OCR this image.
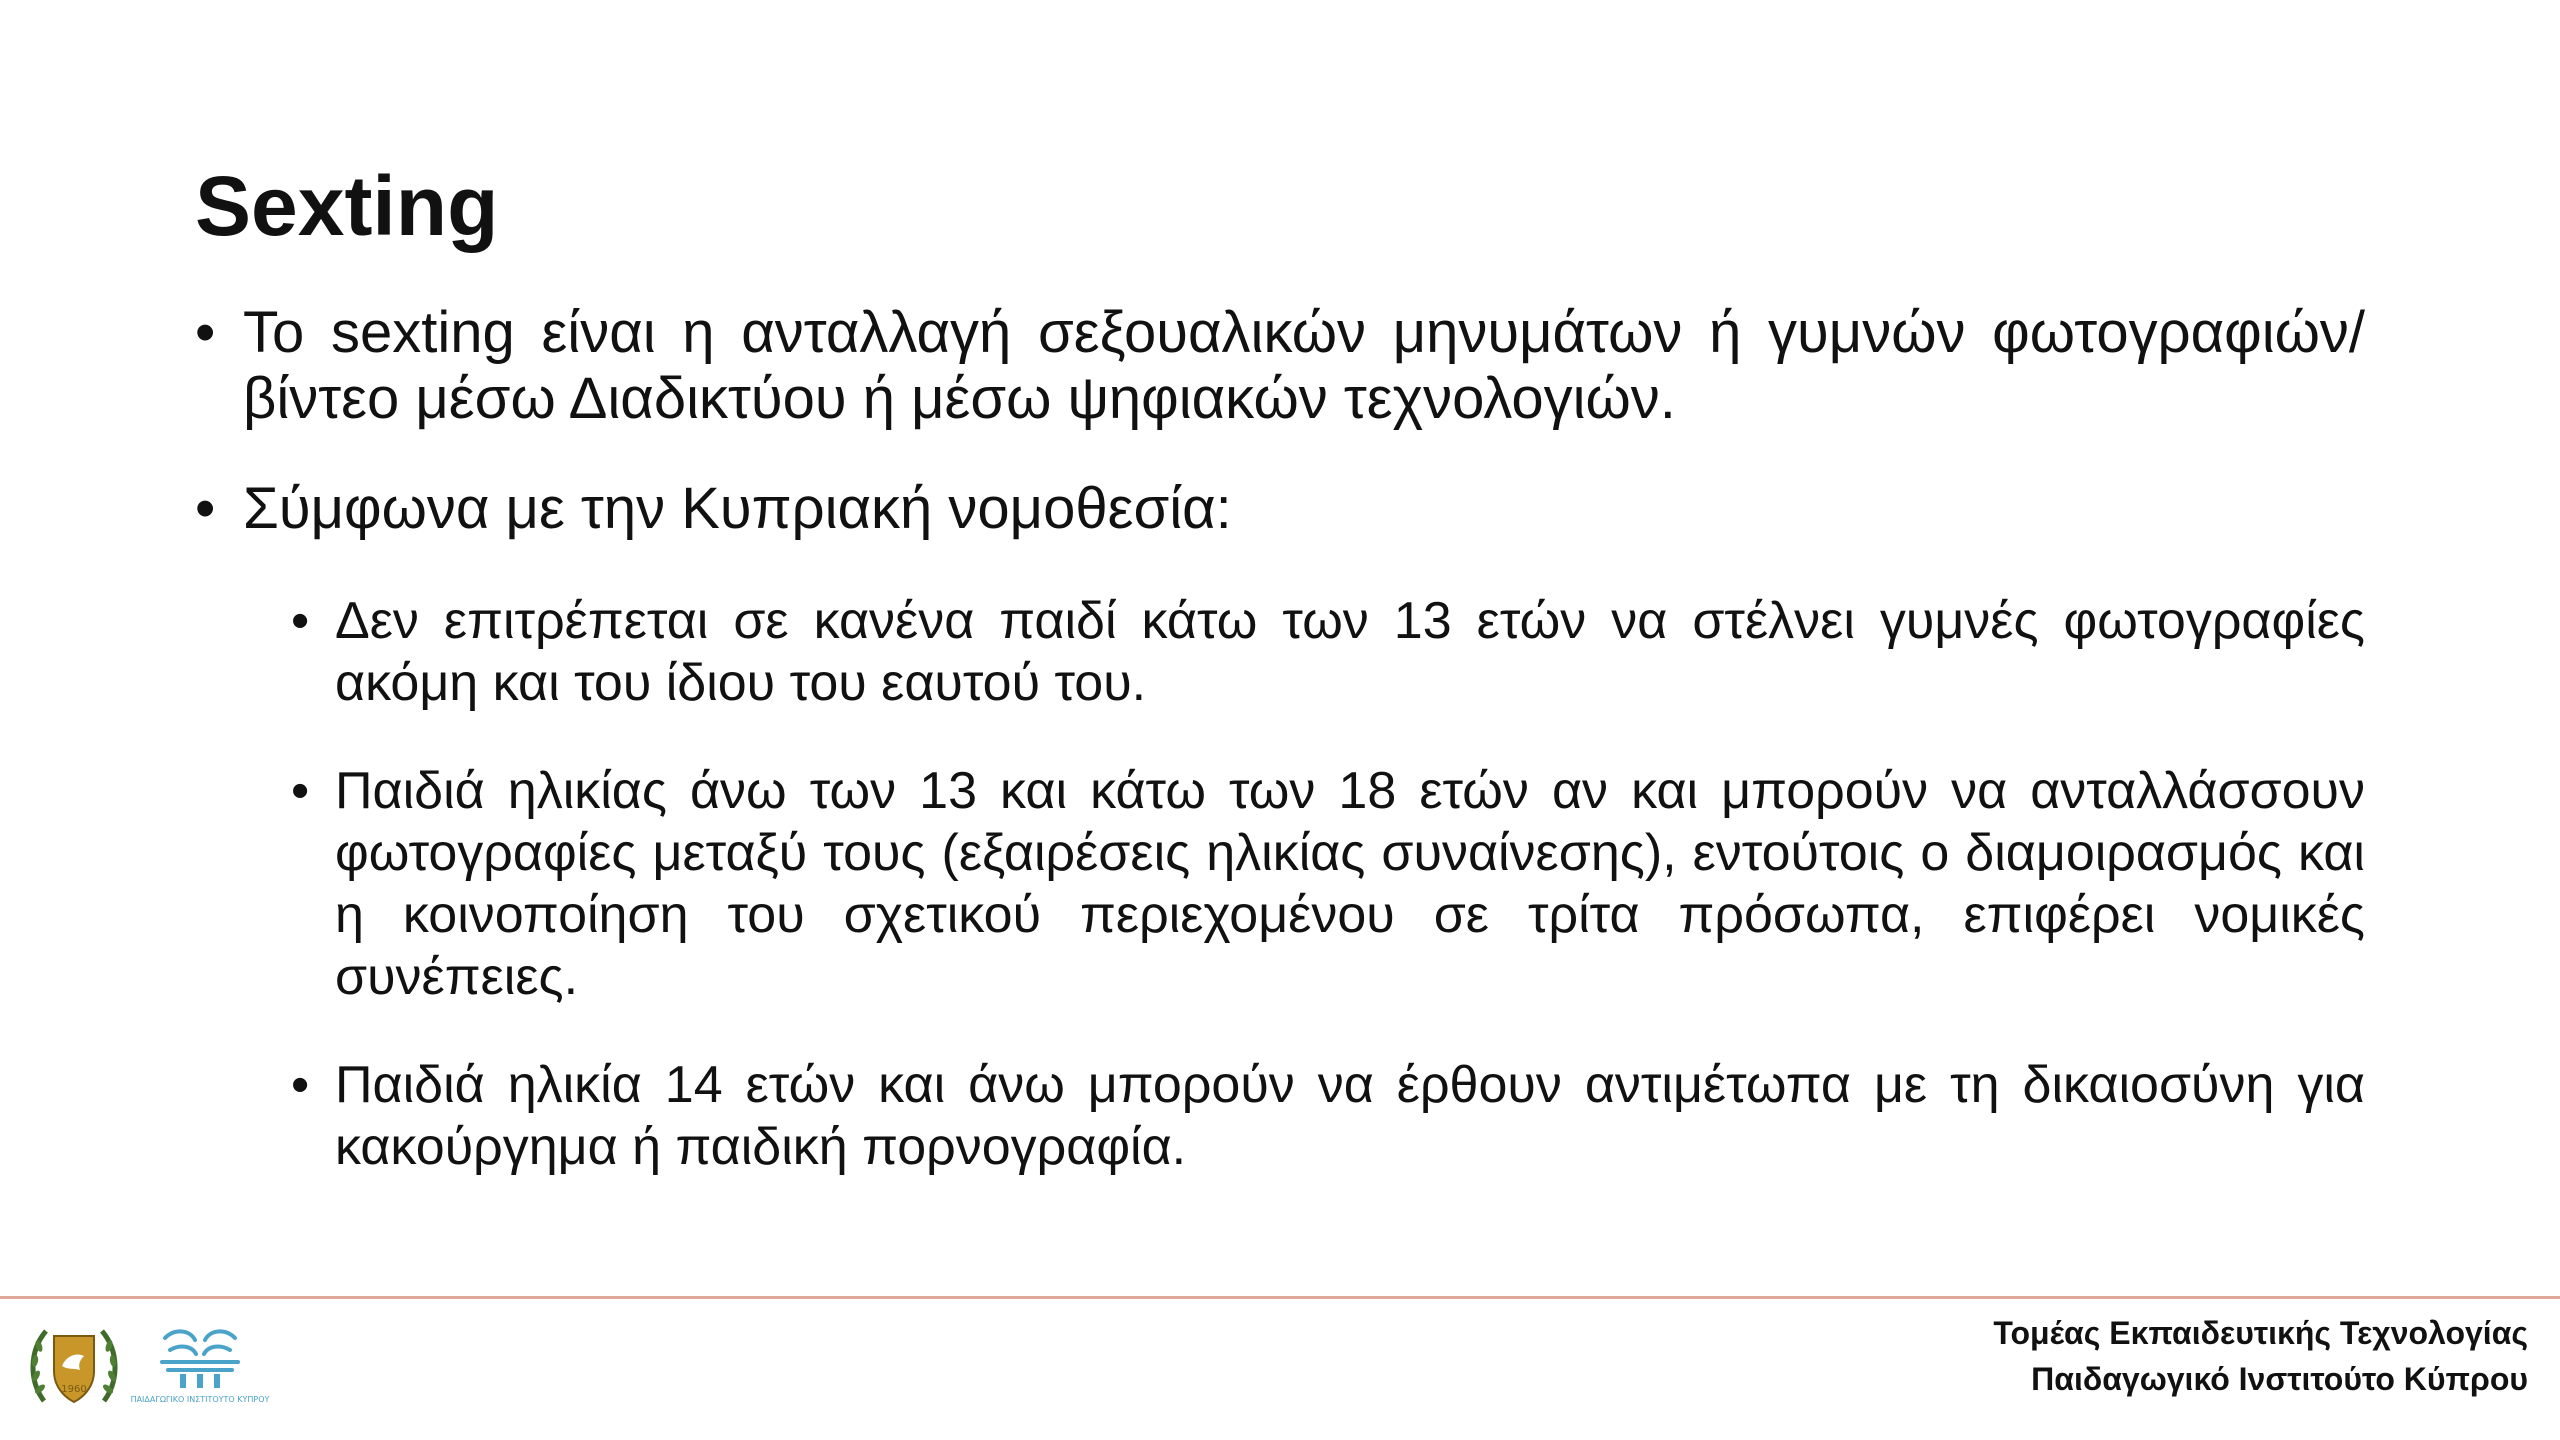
Sexting
• Το sexting είναι η ανταλλαγή σεξουαλικών μηνυμάτων ή γυμνών φωτογραφιών/βίντεο μέσω Διαδικτύου ή μέσω ψηφιακών τεχνολογιών.
• Σύμφωνα με την Κυπριακή νομοθεσία:
• Δεν επιτρέπεται σε κανένα παιδί κάτω των 13 ετών να στέλνει γυμνές φωτογραφίες ακόμη και του ίδιου του εαυτού του.
• Παιδιά ηλικίας άνω των 13 και κάτω των 18 ετών αν και μπορούν να ανταλλάσσουν φωτογραφίες μεταξύ τους (εξαιρέσεις ηλικίας συναίνεσης), εντούτοις ο διαμοιρασμός και η κοινοποίηση του σχετικού περιεχομένου σε τρίτα πρόσωπα, επιφέρει νομικές συνέπειες.
• Παιδιά ηλικία 14 ετών και άνω μπορούν να έρθουν αντιμέτωπα με τη δικαιοσύνη για κακούργημα ή παιδική πορνογραφία.
1960
ΠΑΙΔΑΓΩΓΙΚΟ ΙΝΣΤΙΤΟΥΤΟ ΚΥΠΡΟΥ
Τομέας Εκπαιδευτικής Τεχνολογίας
Παιδαγωγικό Ινστιτούτο Κύπρου
